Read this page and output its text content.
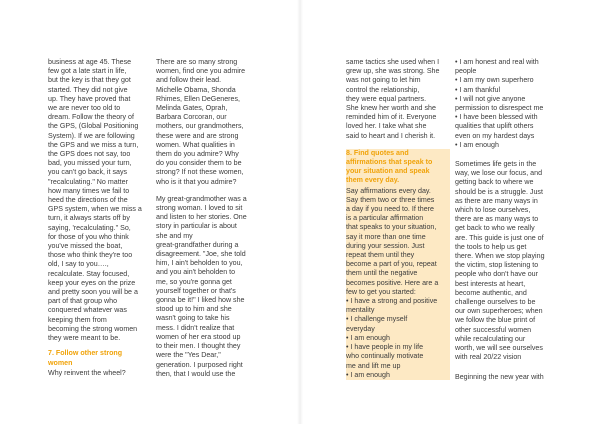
business at age 45. These
few got a late start in life,
but the key is that they got
started. They did not give
up. They have proved that
we are never too old to
dream. Follow the theory of
the GPS, (Global Positioning
System). If we are following
the GPS and we miss a turn,
the GPS does not say, too
bad, you missed your turn,
you can't go back, it says
"recalculating." No matter
how many times we fail to
heed the directions of the
GPS system, when we miss a
turn, it always starts off by
saying, 'recalculating." So,
for those of you who think
you've missed the boat,
those who think they're too
old, I say to you….,
recalculate. Stay focused,
keep your eyes on the prize
and pretty soon you will be a
part of that group who
conquered whatever was
keeping them from
becoming the strong women
they were meant to be.

7. Follow other strong
women

Why reinvent the wheel?

There are so many strong
women, find one you admire
and follow their lead.
Michelle Obama, Shonda
Rhimes, Ellen DeGeneres,
Melinda Gates, Oprah,
Barbara Corcoran, our
mothers, our grandmothers,
these were and are strong
women. What qualities in
them do you admire? Why
do you consider them to be
strong? If not these women,
who is it that you admire?

My great-grandmother was a
strong woman. I loved to sit
and listen to her stories. One
story in particular is about
she and my
great-grandfather during a
disagreement. "Joe, she told
him, I ain't beholden to you,
and you ain't beholden to
me, so you're gonna get
yourself together or that's
gonna be it!" I liked how she
stood up to him and she
wasn't going to take his
mess. I didn't realize that
women of her era stood up
to their men. I thought they
were the "Yes Dear,"
generation. I purposed right
then, that I would use the

same tactics she used when I
grew up, she was strong. She
was not going to let him
control the relationship,
they were equal partners.
She knew her worth and she
reminded him of it. Everyone
loved her. I take what she
said to heart and I cherish it.

8. Find quotes and
affirmations that speak to
your situation and speak
them every day.

Say affirmations every day.
Say them two or three times
a day if you need to. If there
is a particular affirmation
that speaks to your situation,
say it more than one time
during your session. Just
repeat them until they
become a part of you, repeat
them until the negative
becomes positive. Here are a
few to get you started:
• I have a strong and positive
mentality
• I challenge myself
everyday
• I am enough
• I have people in my life
who continually motivate
me and lift me up
• I am enough

• I am honest and real with
people
• I am my own superhero
• I am thankful
• I will not give anyone
permission to disrespect me
• I have been blessed with
qualities that uplift others
even on my hardest days
• I am enough

Sometimes life gets in the
way, we lose our focus, and
getting back to where we
should be is a struggle. Just
as there are many ways in
which to lose ourselves,
there are as many ways to
get back to who we really
are. This guide is just one of
the tools to help us get
there. When we stop playing
the victim, stop listening to
people who don't have our
best interests at heart,
become authentic, and
challenge ourselves to be
our own superheroes; when
we follow the blue print of
other successful women
while recalculating our
worth, we will see ourselves
with real 20/22 vision

Beginning the new year with
